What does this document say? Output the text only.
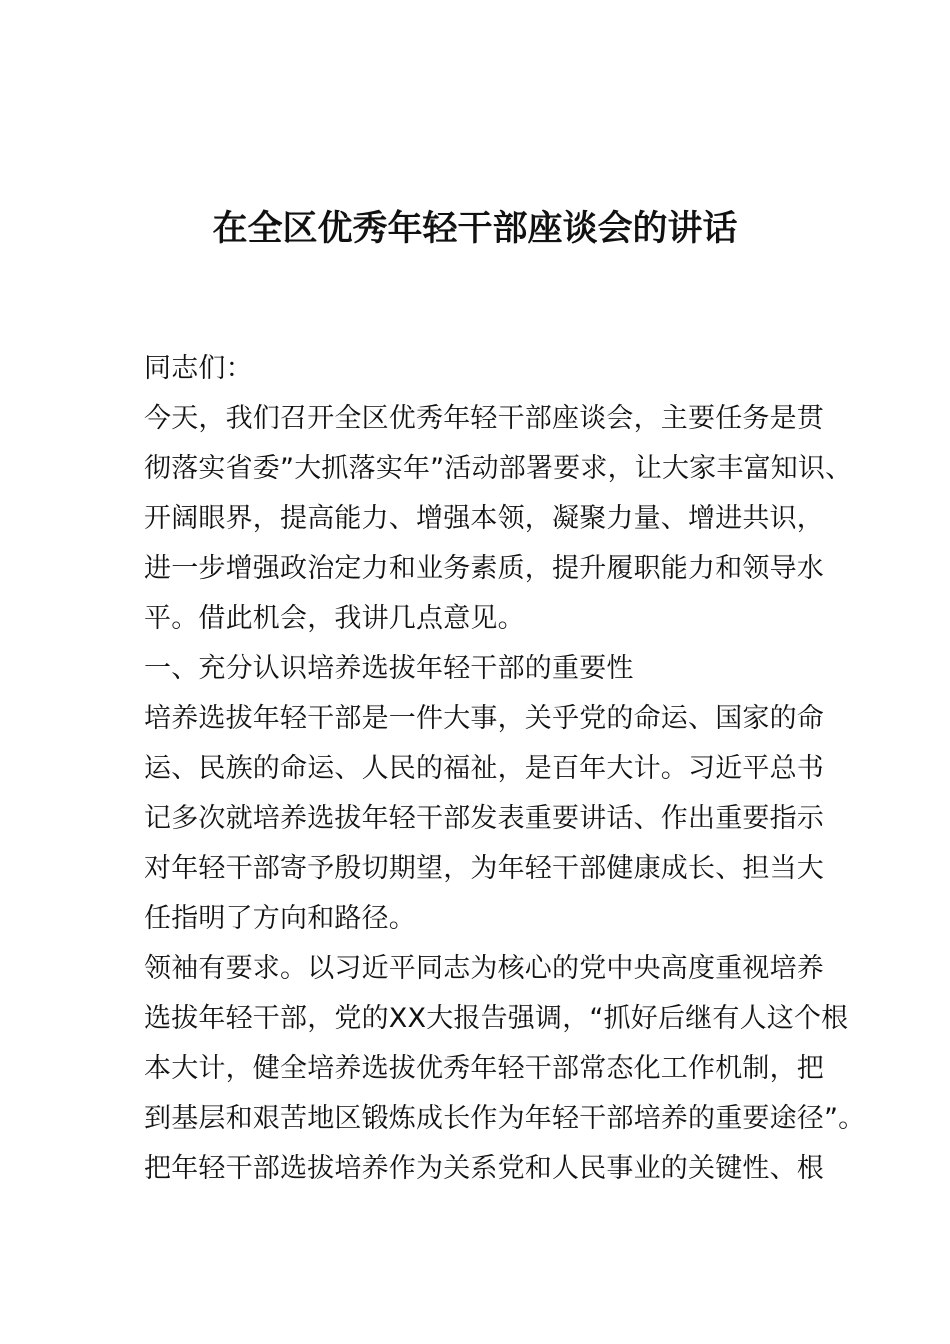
在全区优秀年轻干部座谈会的讲话
同志们：
今天，我们召开全区优秀年轻干部座谈会，主要任务是贯
彻落实省委”大抓落实年”活动部署要求，让大家丰富知识、
开阔眼界，提高能力、增强本领，凝聚力量、增进共识，
进一步增强政治定力和业务素质，提升履职能力和领导水
平。借此机会，我讲几点意见。
一、充分认识培养选拔年轻干部的重要性
培养选拔年轻干部是一件大事，关乎党的命运、国家的命
运、民族的命运、人民的福祉，是百年大计。习近平总书
记多次就培养选拔年轻干部发表重要讲话、作出重要指示
对年轻干部寄予殷切期望，为年轻干部健康成长、担当大
任指明了方向和路径。
领袖有要求。以习近平同志为核心的党中央高度重视培养
选拔年轻干部，党的XX大报告强调，“抓好后继有人这个根
本大计，健全培养选拔优秀年轻干部常态化工作机制，把
到基层和艰苦地区锻炼成长作为年轻干部培养的重要途径”。
把年轻干部选拔培养作为关系党和人民事业的关键性、根
